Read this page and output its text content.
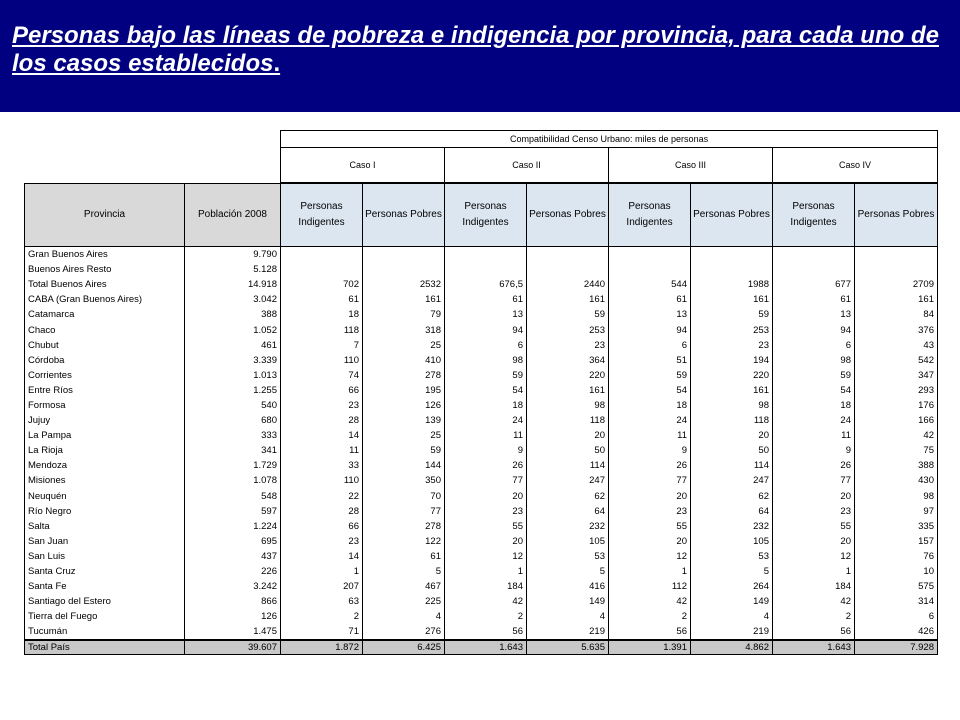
Personas bajo las líneas de pobreza e indigencia por provincia, para cada uno de los casos establecidos.
Compatibilidad Censo Urbano: miles de personas
Caso I	Caso II	Caso III	Caso IV
Provincia	Población 2008	Personas Indigentes	Personas Pobres	Personas Indigentes	Personas Pobres	Personas Indigentes	Personas Pobres	Personas Indigentes	Personas Pobres
Gran Buenos Aires	9.790								
Buenos Aires Resto	5.128								
Total Buenos Aires	14.918	702	2532	676,5	2440	544	1988	677	2709
CABA (Gran Buenos Aires)	3.042	61	161	61	161	61	161	61	161
Catamarca	388	18	79	13	59	13	59	13	84
Chaco	1.052	118	318	94	253	94	253	94	376
Chubut	461	7	25	6	23	6	23	6	43
Córdoba	3.339	110	410	98	364	51	194	98	542
Corrientes	1.013	74	278	59	220	59	220	59	347
Entre Ríos	1.255	66	195	54	161	54	161	54	293
Formosa	540	23	126	18	98	18	98	18	176
Jujuy	680	28	139	24	118	24	118	24	166
La Pampa	333	14	25	11	20	11	20	11	42
La Rioja	341	11	59	9	50	9	50	9	75
Mendoza	1.729	33	144	26	114	26	114	26	388
Misiones	1.078	110	350	77	247	77	247	77	430
Neuquén	548	22	70	20	62	20	62	20	98
Río Negro	597	28	77	23	64	23	64	23	97
Salta	1.224	66	278	55	232	55	232	55	335
San Juan	695	23	122	20	105	20	105	20	157
San Luis	437	14	61	12	53	12	53	12	76
Santa Cruz	226	1	5	1	5	1	5	1	10
Santa Fe	3.242	207	467	184	416	112	264	184	575
Santiago del Estero	866	63	225	42	149	42	149	42	314
Tierra del Fuego	126	2	4	2	4	2	4	2	6
Tucumán	1.475	71	276	56	219	56	219	56	426
Total País	39.607	1.872	6.425	1.643	5.635	1.391	4.862	1.643	7.928
